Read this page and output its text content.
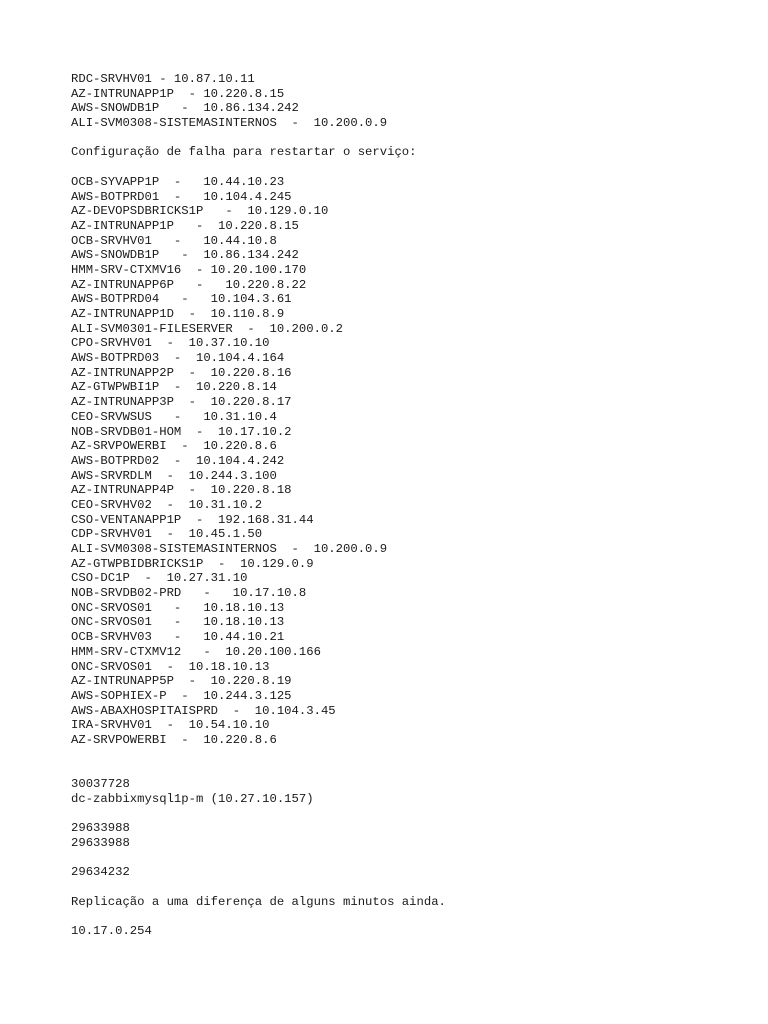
RDC-SRVHV01 - 10.87.10.11
AZ-INTRUNAPP1P  - 10.220.8.15
AWS-SNOWDB1P   -  10.86.134.242
ALI-SVM0308-SISTEMASINTERNOS  -  10.200.0.9
Configuração de falha para restartar o serviço:
OCB-SYVAPP1P  -   10.44.10.23
AWS-BOTPRD01  -   10.104.4.245
AZ-DEVOPSDBRICKS1P   -  10.129.0.10
AZ-INTRUNAPP1P   -  10.220.8.15
OCB-SRVHV01   -   10.44.10.8
AWS-SNOWDB1P   -  10.86.134.242
HMM-SRV-CTXMV16  - 10.20.100.170
AZ-INTRUNAPP6P   -   10.220.8.22
AWS-BOTPRD04   -   10.104.3.61
AZ-INTRUNAPP1D  -  10.110.8.9
ALI-SVM0301-FILESERVER  -  10.200.0.2
CPO-SRVHV01  -  10.37.10.10
AWS-BOTPRD03  -  10.104.4.164
AZ-INTRUNAPP2P  -  10.220.8.16
AZ-GTWPWBI1P  -  10.220.8.14
AZ-INTRUNAPP3P  -  10.220.8.17
CEO-SRVWSUS   -   10.31.10.4
NOB-SRVDB01-HOM  -  10.17.10.2
AZ-SRVPOWERBI  -  10.220.8.6
AWS-BOTPRD02  -  10.104.4.242
AWS-SRVRDLM  -  10.244.3.100
AZ-INTRUNAPP4P  -  10.220.8.18
CEO-SRVHV02  -  10.31.10.2
CSO-VENTANAPP1P  -  192.168.31.44
CDP-SRVHV01  -  10.45.1.50
ALI-SVM0308-SISTEMASINTERNOS  -  10.200.0.9
AZ-GTWPBIDBRICKS1P  -  10.129.0.9
CSO-DC1P  -  10.27.31.10
NOB-SRVDB02-PRD   -   10.17.10.8
ONC-SRVOS01   -   10.18.10.13
ONC-SRVOS01   -   10.18.10.13
OCB-SRVHV03   -   10.44.10.21
HMM-SRV-CTXMV12   -  10.20.100.166
ONC-SRVOS01  -  10.18.10.13
AZ-INTRUNAPP5P  -  10.220.8.19
AWS-SOPHIEX-P  -  10.244.3.125
AWS-ABAXHOSPITAISPRD  -  10.104.3.45
IRA-SRVHV01  -  10.54.10.10
AZ-SRVPOWERBI  -  10.220.8.6
30037728
dc-zabbixmysql1p-m (10.27.10.157)
29633988
29633988
29634232
Replicação a uma diferença de alguns minutos ainda.
10.17.0.254
